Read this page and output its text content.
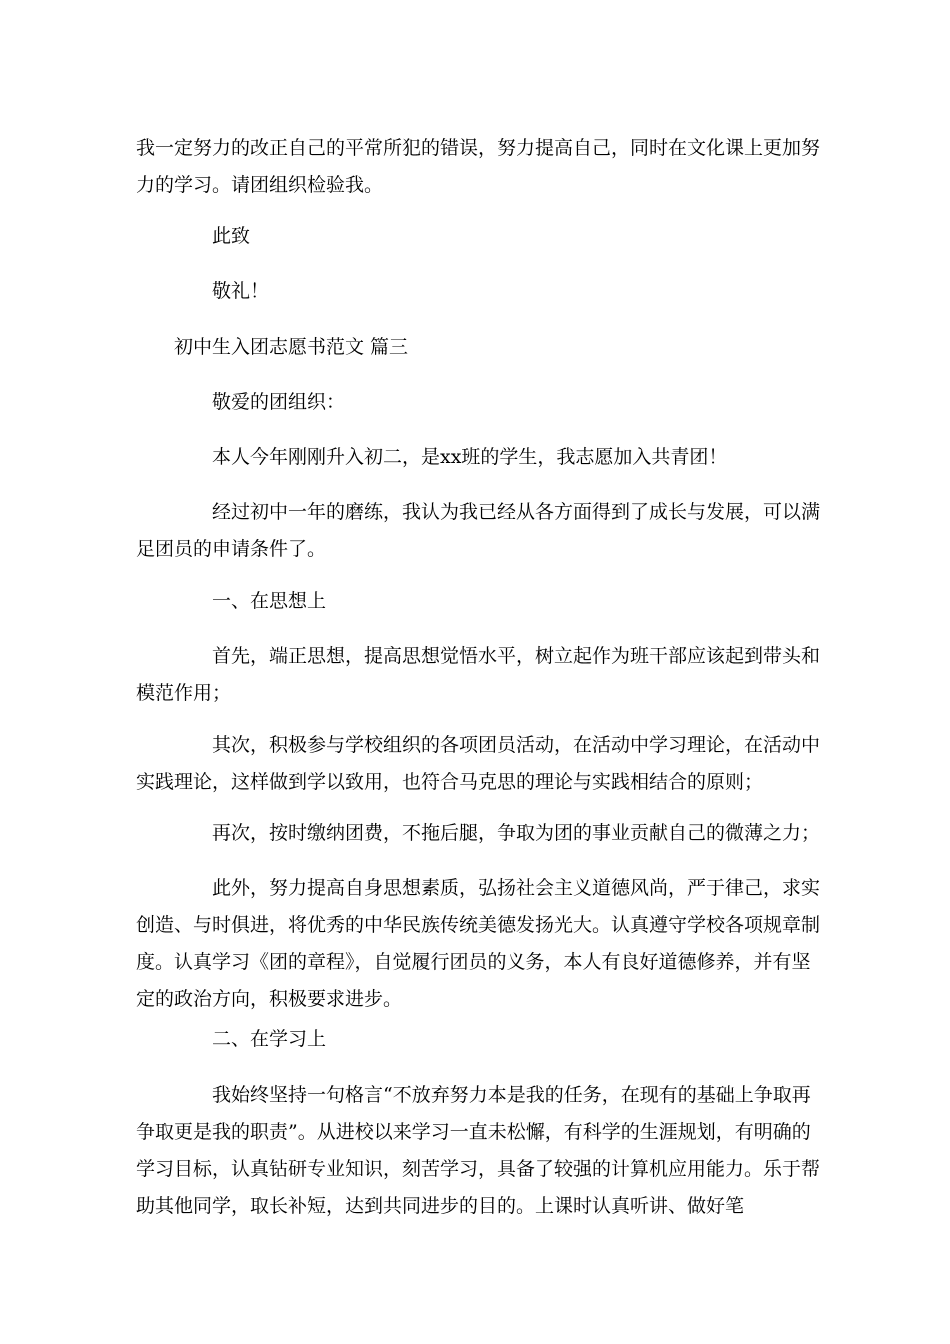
我一定努力的改正自己的平常所犯的错误，努力提高自己，同时在文化课上更加努力的学习。请团组织检验我。

此致

敬礼！

初中生入团志愿书范文 篇三

敬爱的团组织：

本人今年刚刚升入初二，是xx班的学生，我志愿加入共青团！

经过初中一年的磨练，我认为我已经从各方面得到了成长与发展，可以满足团员的申请条件了。

一、在思想上

首先，端正思想，提高思想觉悟水平，树立起作为班干部应该起到带头和模范作用；

其次，积极参与学校组织的各项团员活动，在活动中学习理论，在活动中实践理论，这样做到学以致用，也符合马克思的理论与实践相结合的原则；

再次，按时缴纳团费，不拖后腿，争取为团的事业贡献自己的微薄之力；

此外，努力提高自身思想素质，弘扬社会主义道德风尚，严于律己，求实创造、与时俱进，将优秀的中华民族传统美德发扬光大。认真遵守学校各项规章制度。认真学习《团的章程》，自觉履行团员的义务，本人有良好道德修养，并有坚定的政治方向，积极要求进步。

二、在学习上

我始终坚持一句格言“不放弃努力本是我的任务，在现有的基础上争取再争取更是我的职责”。从进校以来学习一直未松懈，有科学的生涯规划，有明确的学习目标，认真钻研专业知识，刻苦学习，具备了较强的计算机应用能力。乐于帮助其他同学，取长补短，达到共同进步的目的。上课时认真听讲、做好笔
